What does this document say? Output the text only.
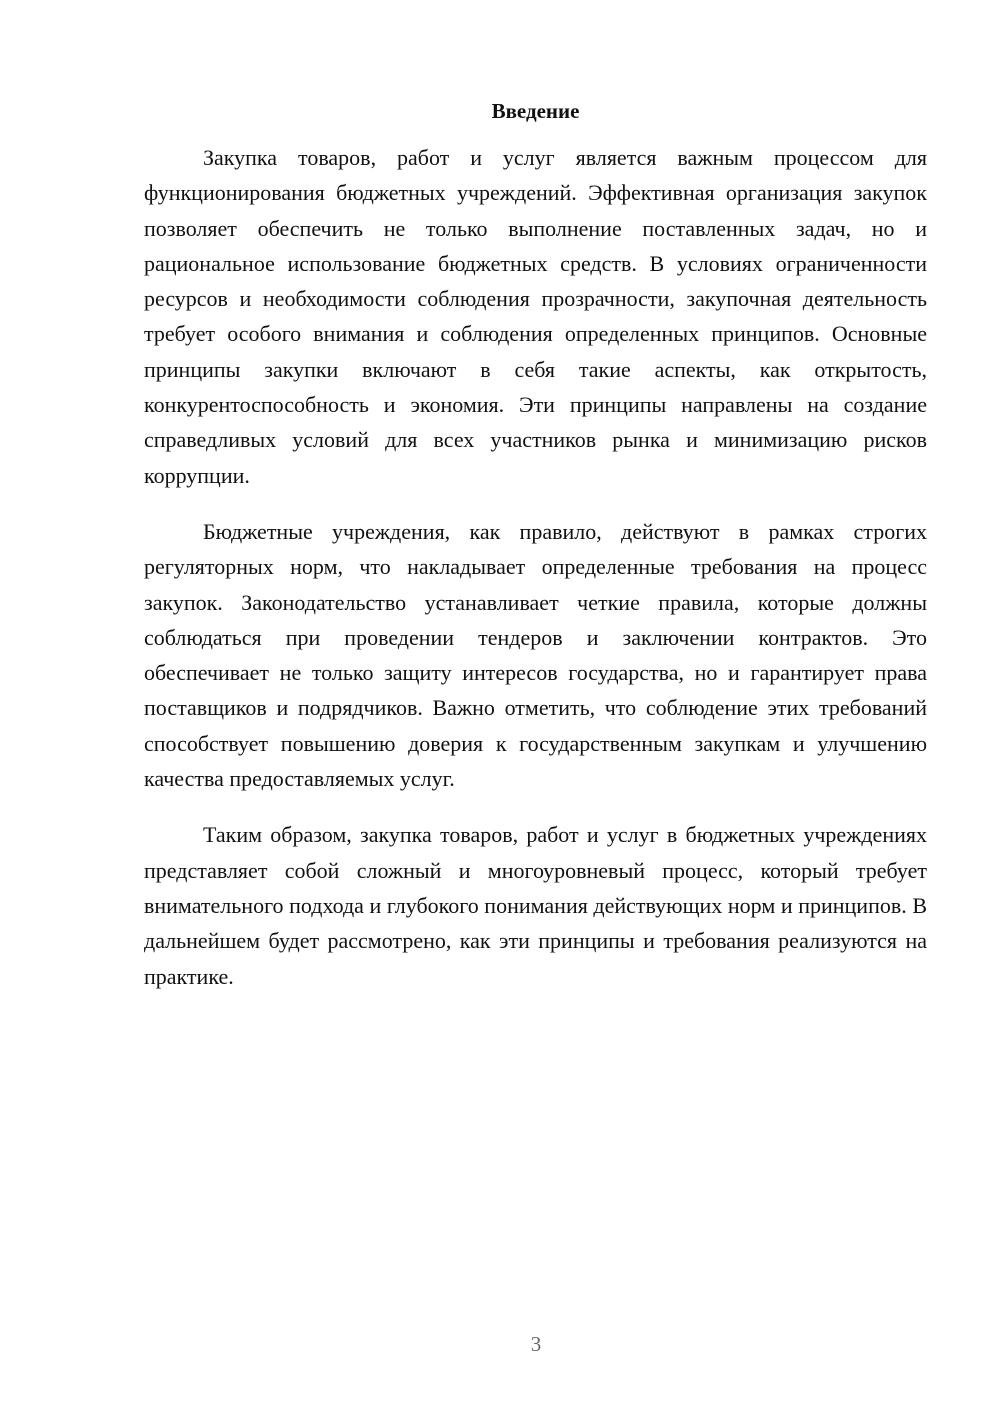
Введение

Закупка товаров, работ и услуг является важным процессом для функционирования бюджетных учреждений. Эффективная организация закупок позволяет обеспечить не только выполнение поставленных задач, но и рациональное использование бюджетных средств. В условиях ограниченности ресурсов и необходимости соблюдения прозрачности, закупочная деятельность требует особого внимания и соблюдения определенных принципов. Основные принципы закупки включают в себя такие аспекты, как открытость, конкурентоспособность и экономия. Эти принципы направлены на создание справедливых условий для всех участников рынка и минимизацию рисков коррупции.

Бюджетные учреждения, как правило, действуют в рамках строгих регуляторных норм, что накладывает определенные требования на процесс закупок. Законодательство устанавливает четкие правила, которые должны соблюдаться при проведении тендеров и заключении контрактов. Это обеспечивает не только защиту интересов государства, но и гарантирует права поставщиков и подрядчиков. Важно отметить, что соблюдение этих требований способствует повышению доверия к государственным закупкам и улучшению качества предоставляемых услуг.

Таким образом, закупка товаров, работ и услуг в бюджетных учреждениях представляет собой сложный и многоуровневый процесс, который требует внимательного подхода и глубокого понимания действующих норм и принципов. В дальнейшем будет рассмотрено, как эти принципы и требования реализуются на практике.

3
